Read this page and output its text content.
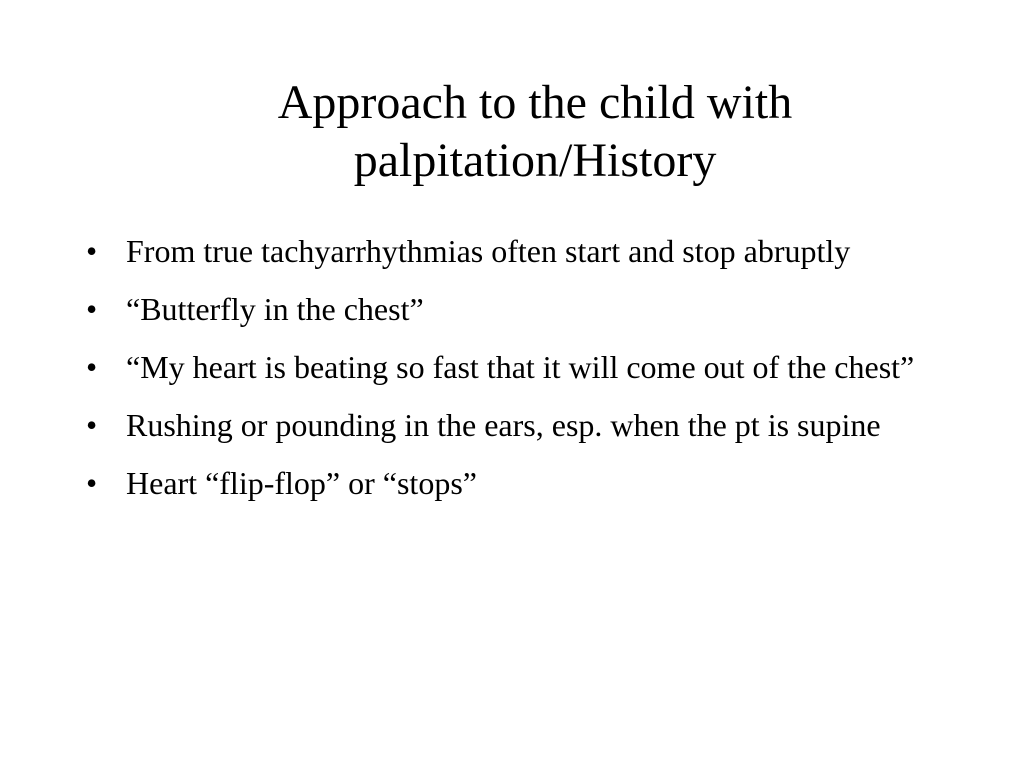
Approach to the child with
palpitation/History
• From true tachyarrhythmias often start and stop abruptly
• “Butterfly in the chest”
• “My heart is beating so fast that it will come out of the chest”
• Rushing or pounding in the ears, esp. when the pt is supine
• Heart “flip-flop” or “stops”
